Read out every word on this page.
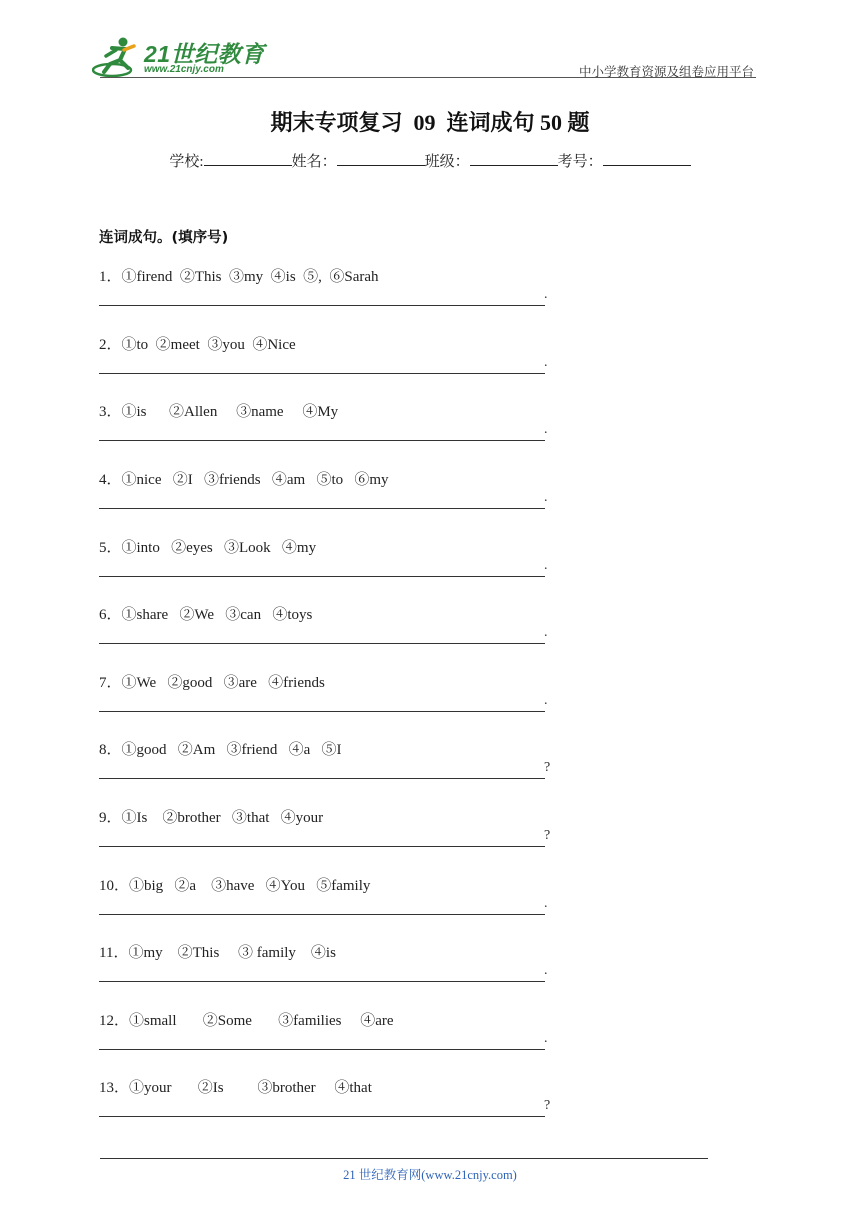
21世纪教育
www.21cnjy.com	中小学教育资源及组卷应用平台
期末专项复习  09  连词成句 50 题
学校:	姓名：	班级：	考号：
连词成句。(填序号)
1．①firend  ②This  ③my  ④is  ⑤,  ⑥Sarah
.
2．①to  ②meet  ③you  ④Nice
.
3．①is      ②Allen     ③name     ④My
.
4．①nice   ②I   ③friends   ④am   ⑤to   ⑥my
.
5．①into   ②eyes   ③Look   ④my
.
6．①share   ②We   ③can   ④toys
.
7．①We   ②good   ③are   ④friends
.
8．①good   ②Am   ③friend   ④a   ⑤I
?
9．①Is    ②brother   ③that   ④your
?
10．①big   ②a    ③have   ④You   ⑤family
.
11．①my    ②This     ③ family    ④is
.
12．①small       ②Some       ③families     ④are
.
13．①your       ②Is         ③brother     ④that
?
21 世纪教育网(www.21cnjy.com)
